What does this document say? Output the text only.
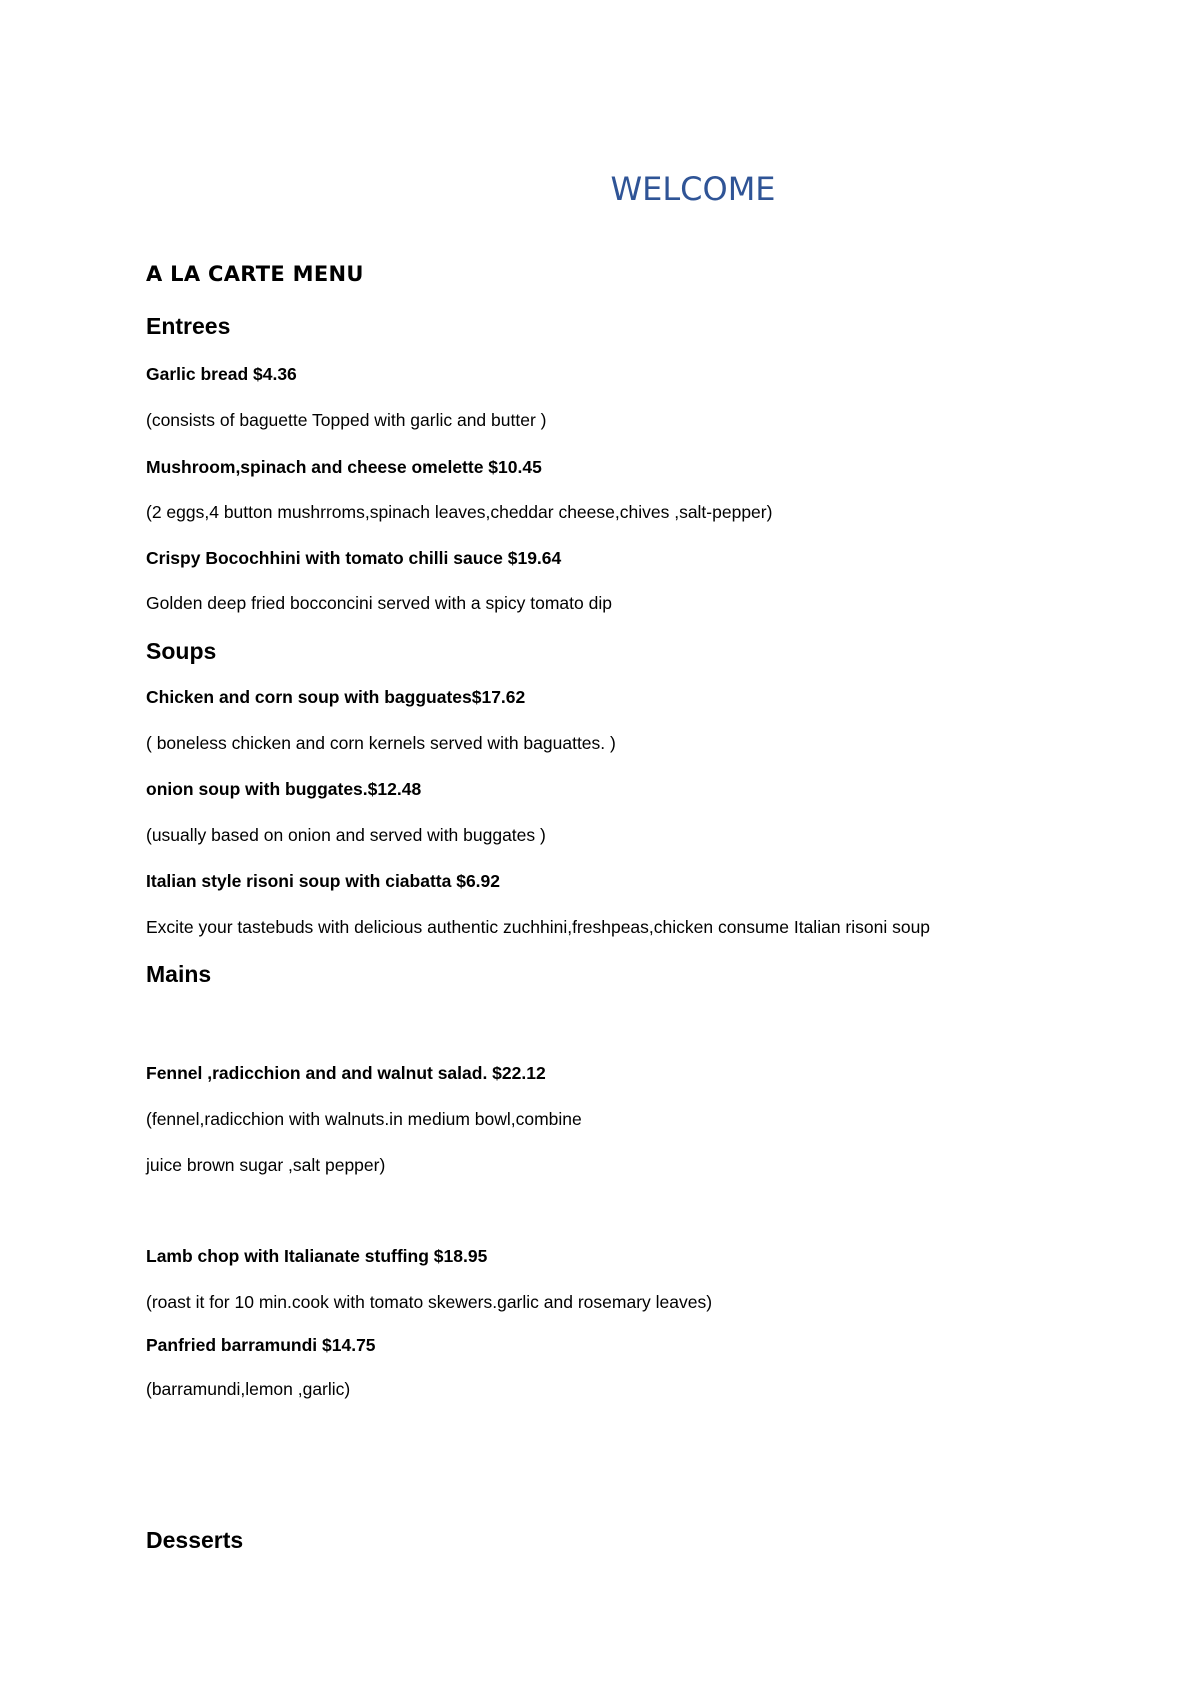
WELCOME
A LA CARTE MENU
Entrees
Garlic bread $4.36
(consists of baguette Topped with garlic and butter )
Mushroom,spinach and cheese omelette $10.45
(2 eggs,4 button mushrroms,spinach leaves,cheddar cheese,chives ,salt-pepper)
Crispy Bocochhini with tomato chilli sauce $19.64
Golden deep fried bocconcini served with a spicy tomato dip
Soups
Chicken and corn soup with bagguates$17.62
( boneless chicken and corn kernels served with baguattes. )
onion soup with buggates.$12.48
(usually based on onion and served with buggates )
Italian style risoni soup with ciabatta $6.92
Excite your tastebuds with delicious authentic zuchhini,freshpeas,chicken consume Italian risoni soup
Mains
Fennel ,radicchion and and walnut salad. $22.12
(fennel,radicchion with walnuts.in medium bowl,combine
juice brown sugar ,salt pepper)
Lamb chop with Italianate stuffing $18.95
(roast it for 10 min.cook with tomato skewers.garlic and rosemary leaves)
Panfried barramundi $14.75
(barramundi,lemon ,garlic)
Desserts
